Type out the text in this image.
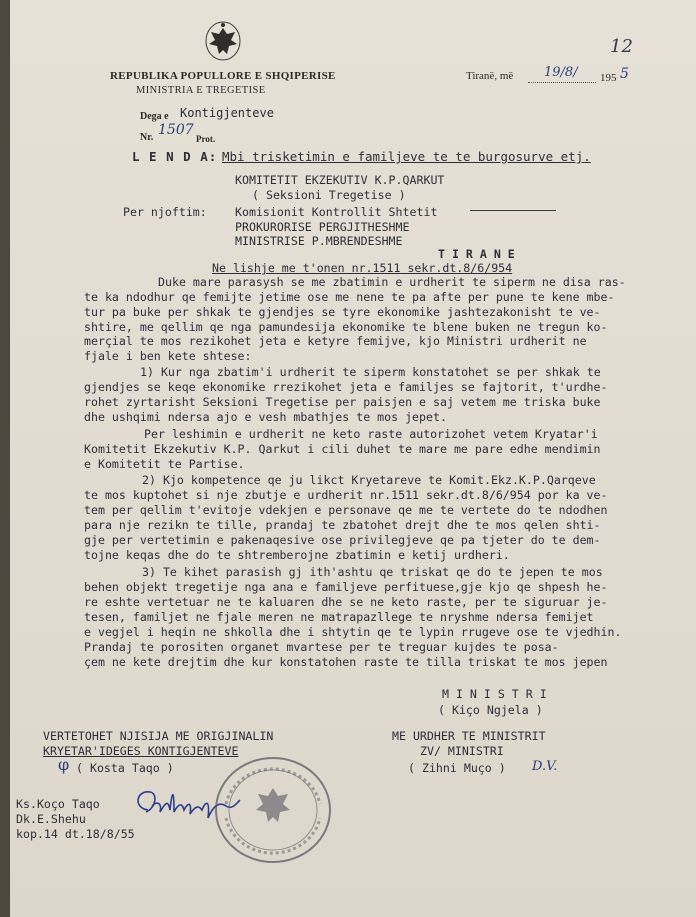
REPUBLIKA POPULLORE E SHQIPERISE
MINISTRIA E TREGETISE
Tiranë, më 19/8/ 195 5
12
Dega e Kontigjenteve
Nr. 1507
Prot.
L E N D A: Mbi trisketimin e familjeve te te burgosurve etj.
KOMITETIT EKZEKUTIV K.P.QARKUT
( Seksioni Tregetise )
Per njoftim: Komisionit Kontrollit Shtetit
PROKURORISE PERGJITHESHME
MINISTRISE P.MBRENDESHME
T I R A N E
Ne lishje me t'onen nr.1511 sekr.dt.8/6/954
Duke mare parasysh se me zbatimin e urdherit te siperm ne disa ras-
te ka ndodhur qe femijte jetime ose me nene te pa afte per pune te kene mbe-
tur pa buke per shkak te gjendjes se tyre ekonomike jashtezakonisht te ve-
shtire, me qellim qe nga pamundesija ekonomike te blene buken ne tregun ko-
merçial te mos rezikohet jeta e ketyre femijve, kjo Ministri urdherit ne
fjale i ben kete shtese:
1) Kur nga zbatim'i urdherit te siperm konstatohet se per shkak te
gjendjes se keqe ekonomike rrezikohet jeta e familjes se fajtorit, t'urdhe-
rohet zyrtarisht Seksioni Tregetise per paisjen e saj vetem me triska buke
dhe ushqimi ndersa ajo e vesh mbathjes te mos jepet.
Per leshimin e urdherit ne keto raste autorizohet vetem Kryatar'i
Komitetit Ekzekutiv K.P. Qarkut i cili duhet te mare me pare edhe mendimin
e Komitetit te Partise.
2) Kjo kompetence qe ju likct Kryetareve te Komit.Ekz.K.P.Qarqeve
te mos kuptohet si nje zbutje e urdherit nr.1511 sekr.dt.8/6/954 por ka ve-
tem per qellim t'evitoje vdekjen e personave qe me te vertete do te ndodhen
para nje rezikn te tille, prandaj te zbatohet drejt dhe te mos qelen shti-
gje per vertetimin e pakenaqesive ose privilegjeve qe pa tjeter do te dem-
tojne keqas dhe do te shtremberojne zbatimin e ketij urdheri.
3) Te kihet parasish gj ith'ashtu qe triskat qe do te jepen te mos
behen objekt tregetije nga ana e familjeve perfituese,gje kjo qe shpesh he-
re eshte vertetuar ne te kaluaren dhe se ne keto raste, per te siguruar je-
tesen, familjet ne fjale meren ne matrapazllege te nryshme ndersa femijet
e vegjel i heqin ne shkolla dhe i shtytin qe te lypin rrugeve ose te vjedhin.
Prandaj te porositen organet mvartese per te treguar kujdes te posa-
çem ne kete drejtim dhe kur konstatohen raste te tilla triskat te mos jepen
M I N I S T R I
( Kiço Ngjela )
VERTETOHET NJISIJA ME ORIGJINALIN
KRYETAR'IDEGES KONTIGJENTEVE
φ ( Kosta Taqo )
ME URDHER TE MINISTRIT
ZV/ MINISTRI
( Zihni Muço ) D.V.
Ks.Koço Taqo
Dk.E.Shehu
kop.14 dt.18/8/55
